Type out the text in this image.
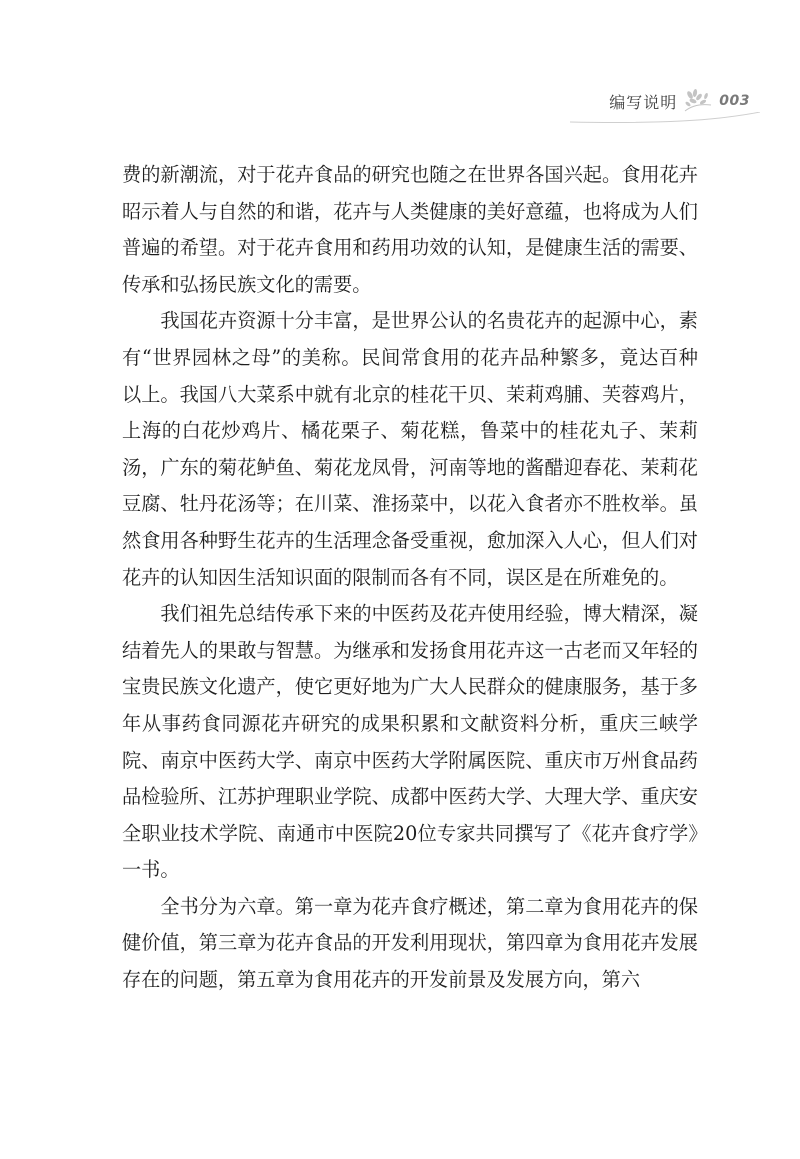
编写说明	003

费的新潮流，对于花卉食品的研究也随之在世界各国兴起。食用花卉昭示着人与自然的和谐，花卉与人类健康的美好意蕴，也将成为人们普遍的希望。对于花卉食用和药用功效的认知，是健康生活的需要、传承和弘扬民族文化的需要。

我国花卉资源十分丰富，是世界公认的名贵花卉的起源中心，素有“世界园林之母”的美称。民间常食用的花卉品种繁多，竟达百种以上。我国八大菜系中就有北京的桂花干贝、茉莉鸡脯、芙蓉鸡片，上海的白花炒鸡片、橘花栗子、菊花糕，鲁菜中的桂花丸子、茉莉汤，广东的菊花鲈鱼、菊花龙凤骨，河南等地的酱醋迎春花、茉莉花豆腐、牡丹花汤等；在川菜、淮扬菜中，以花入食者亦不胜枚举。虽然食用各种野生花卉的生活理念备受重视，愈加深入人心，但人们对花卉的认知因生活知识面的限制而各有不同，误区是在所难免的。

我们祖先总结传承下来的中医药及花卉使用经验，博大精深，凝结着先人的果敢与智慧。为继承和发扬食用花卉这一古老而又年轻的宝贵民族文化遗产，使它更好地为广大人民群众的健康服务，基于多年从事药食同源花卉研究的成果积累和文献资料分析，重庆三峡学院、南京中医药大学、南京中医药大学附属医院、重庆市万州食品药品检验所、江苏护理职业学院、成都中医药大学、大理大学、重庆安全职业技术学院、南通市中医院20位专家共同撰写了《花卉食疗学》一书。

全书分为六章。第一章为花卉食疗概述，第二章为食用花卉的保健价值，第三章为花卉食品的开发利用现状，第四章为食用花卉发展存在的问题，第五章为食用花卉的开发前景及发展方向，第六
